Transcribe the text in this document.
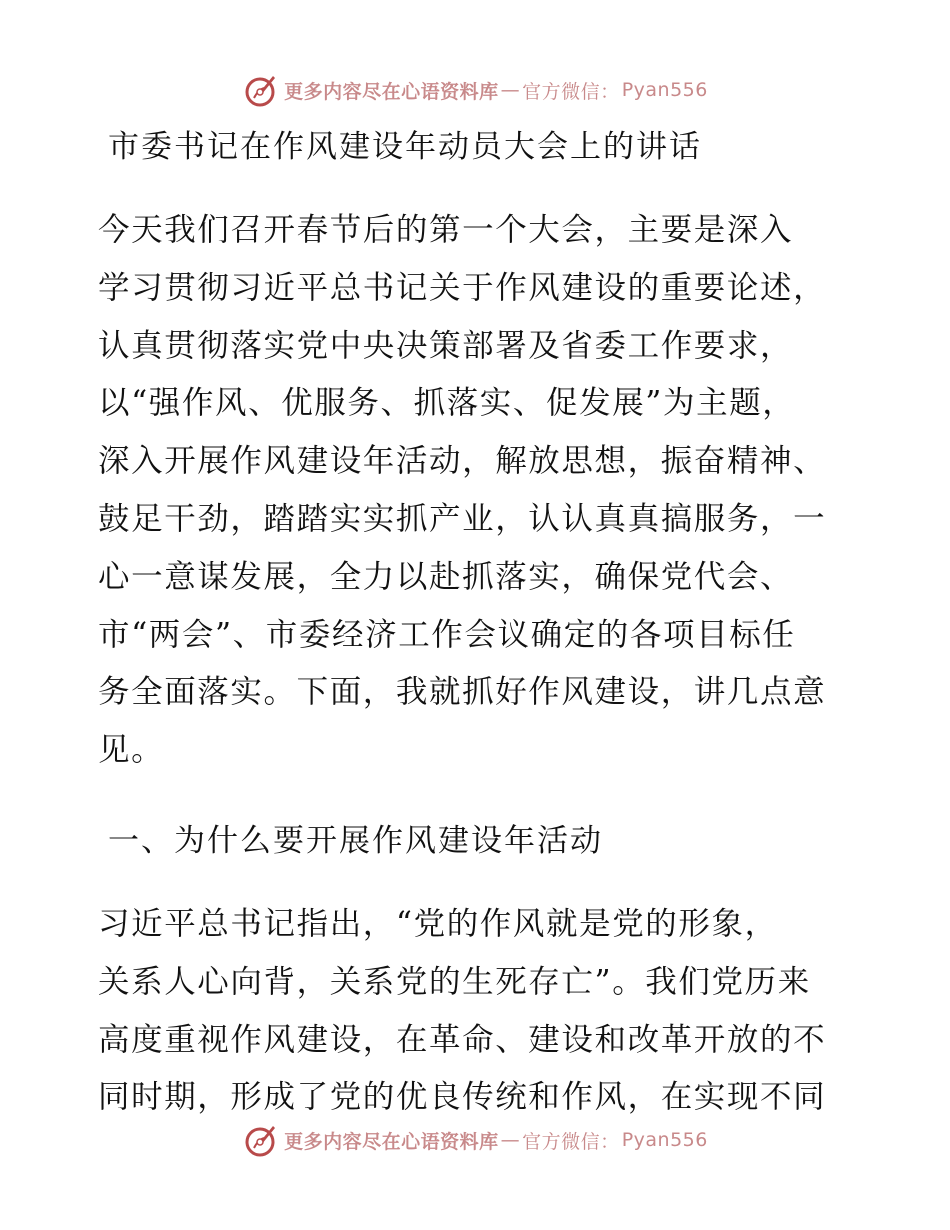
更多内容尽在心语资料库 — 官方微信： Pyan556
市委书记在作风建设年动员大会上的讲话
今天我们召开春节后的第一个大会，主要是深入
学习贯彻习近平总书记关于作风建设的重要论述，
认真贯彻落实党中央决策部署及省委工作要求，
以“强作风、优服务、抓落实、促发展”为主题，
深入开展作风建设年活动，解放思想，振奋精神、
鼓足干劲，踏踏实实抓产业，认认真真搞服务，一
心一意谋发展，全力以赴抓落实，确保党代会、
市“两会”、市委经济工作会议确定的各项目标任
务全面落实。下面，我就抓好作风建设，讲几点意
见。
一、为什么要开展作风建设年活动
习近平总书记指出，“党的作风就是党的形象，
关系人心向背，关系党的生死存亡”。我们党历来
高度重视作风建设，在革命、建设和改革开放的不
同时期，形成了党的优良传统和作风，在实现不同
更多内容尽在心语资料库 — 官方微信： Pyan556
